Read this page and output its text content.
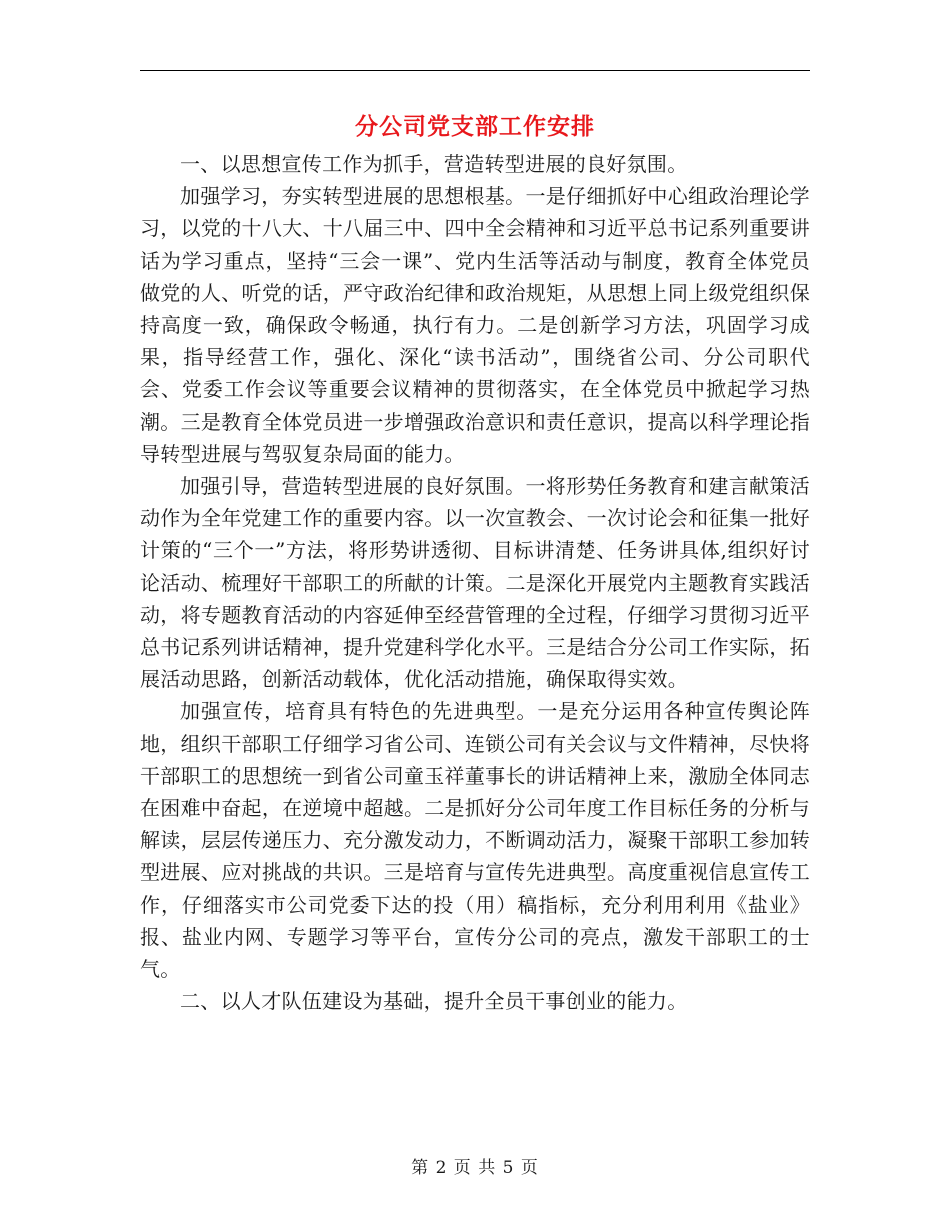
分公司党支部工作安排

一、以思想宣传工作为抓手，营造转型进展的良好氛围。

加强学习，夯实转型进展的思想根基。一是仔细抓好中心组政治理论学习，以党的十八大、十八届三中、四中全会精神和习近平总书记系列重要讲话为学习重点，坚持“三会一课”、党内生活等活动与制度，教育全体党员做党的人、听党的话，严守政治纪律和政治规矩，从思想上同上级党组织保持高度一致，确保政令畅通，执行有力。二是创新学习方法，巩固学习成果，指导经营工作，强化、深化“读书活动”，围绕省公司、分公司职代会、党委工作会议等重要会议精神的贯彻落实，在全体党员中掀起学习热潮。三是教育全体党员进一步增强政治意识和责任意识，提高以科学理论指导转型进展与驾驭复杂局面的能力。

加强引导，营造转型进展的良好氛围。一将形势任务教育和建言献策活动作为全年党建工作的重要内容。以一次宣教会、一次讨论会和征集一批好计策的“三个一”方法，将形势讲透彻、目标讲清楚、任务讲具体,组织好讨论活动、梳理好干部职工的所献的计策。二是深化开展党内主题教育实践活动，将专题教育活动的内容延伸至经营管理的全过程，仔细学习贯彻习近平总书记系列讲话精神，提升党建科学化水平。三是结合分公司工作实际，拓展活动思路，创新活动载体，优化活动措施，确保取得实效。

加强宣传，培育具有特色的先进典型。一是充分运用各种宣传舆论阵地，组织干部职工仔细学习省公司、连锁公司有关会议与文件精神，尽快将干部职工的思想统一到省公司童玉祥董事长的讲话精神上来，激励全体同志在困难中奋起，在逆境中超越。二是抓好分公司年度工作目标任务的分析与解读，层层传递压力、充分激发动力，不断调动活力，凝聚干部职工参加转型进展、应对挑战的共识。三是培育与宣传先进典型。高度重视信息宣传工作，仔细落实市公司党委下达的投（用）稿指标，充分利用利用《盐业》报、盐业内网、专题学习等平台，宣传分公司的亮点，激发干部职工的士气。

二、以人才队伍建设为基础，提升全员干事创业的能力。

第 2 页 共 5 页
